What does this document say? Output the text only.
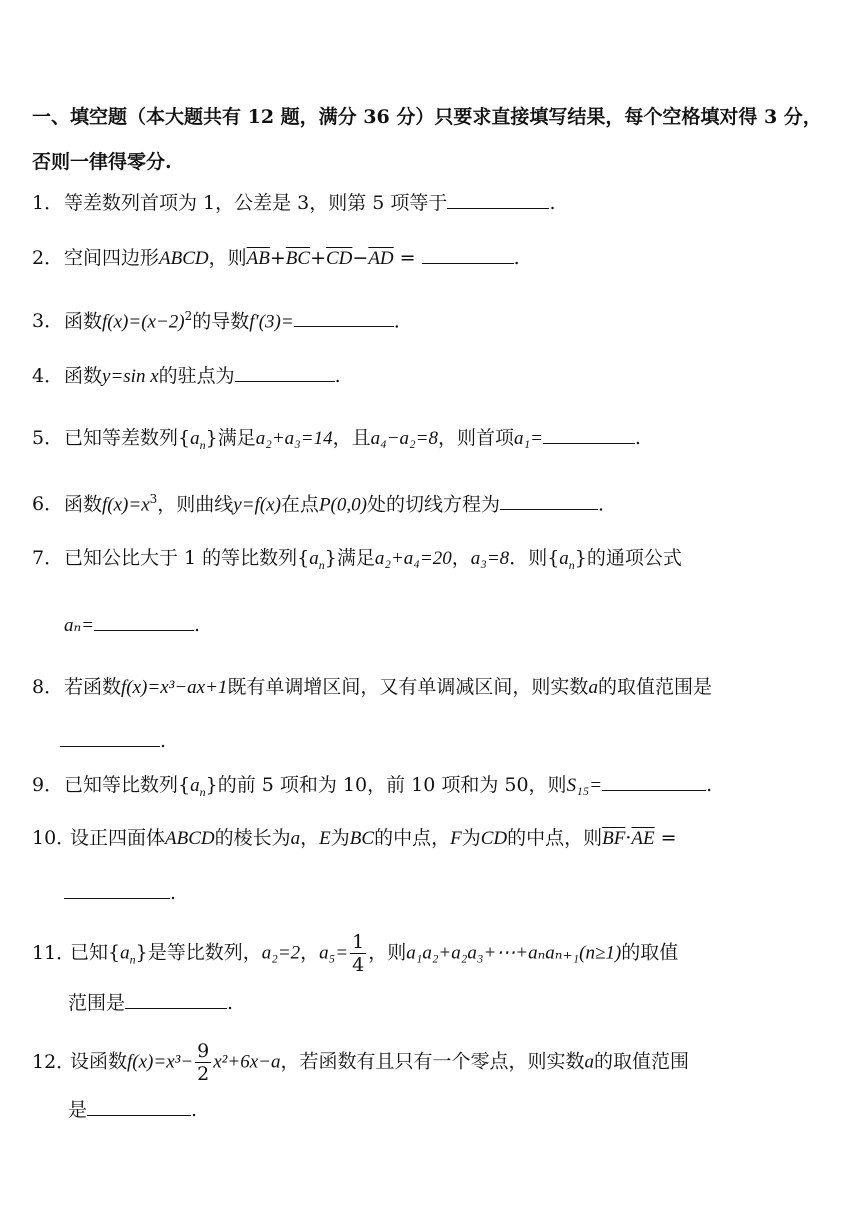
一、填空题（本大题共有 12 题，满分 36 分）只要求直接填写结果，每个空格填对得 3 分，
否则一律得零分.
1．等差数列首项为 1，公差是 3，则第 5 项等于	.
2．空间四边形ABCD，则$\overline{AB}+\overline{BC}+\overline{CD}-\overline{AD}$ =	.
3．函数$f(x)=(x-2)^2$的导数f′(3)=	.
4．函数y=sin x的驻点为	.
5．已知等差数列$\{a_n\}$满足a₂+a₃=14，且a₄−a₂=8，则首项a₁=	.
6．函数$f(x)=x^3$，则曲线y=f(x)在点P(0,0)处的切线方程为	.
7．已知公比大于 1 的等比数列$\{a_n\}$满足a₂+a₄=20，a₃=8．则$\{a_n\}$的通项公式
aₙ=	.
8．若函数f(x)=x³−ax+1既有单调增区间，又有单调减区间，则实数a的取值范围是
.
9．已知等比数列$\{a_n\}$的前 5 项和为 10，前 10 项和为 50，则S₁₅=	.
10．设正四面体ABCD的棱长为a，E为BC的中点，F为CD的中点，则$\overline{BF}\cdot\overline{AE}$ =
.
11．已知$\{a_n\}$是等比数列，a₂=2，$a_5= \frac{1}{4}$ ，则a₁a₂+a₂a₃+⋯+aₙaₙ₊₁(n≥1)的取值
范围是	.
12．设函数$f(x)=x^3- \frac{9}{2} x^2+6x-a$，若函数有且只有一个零点，则实数a的取值范围
是	.
